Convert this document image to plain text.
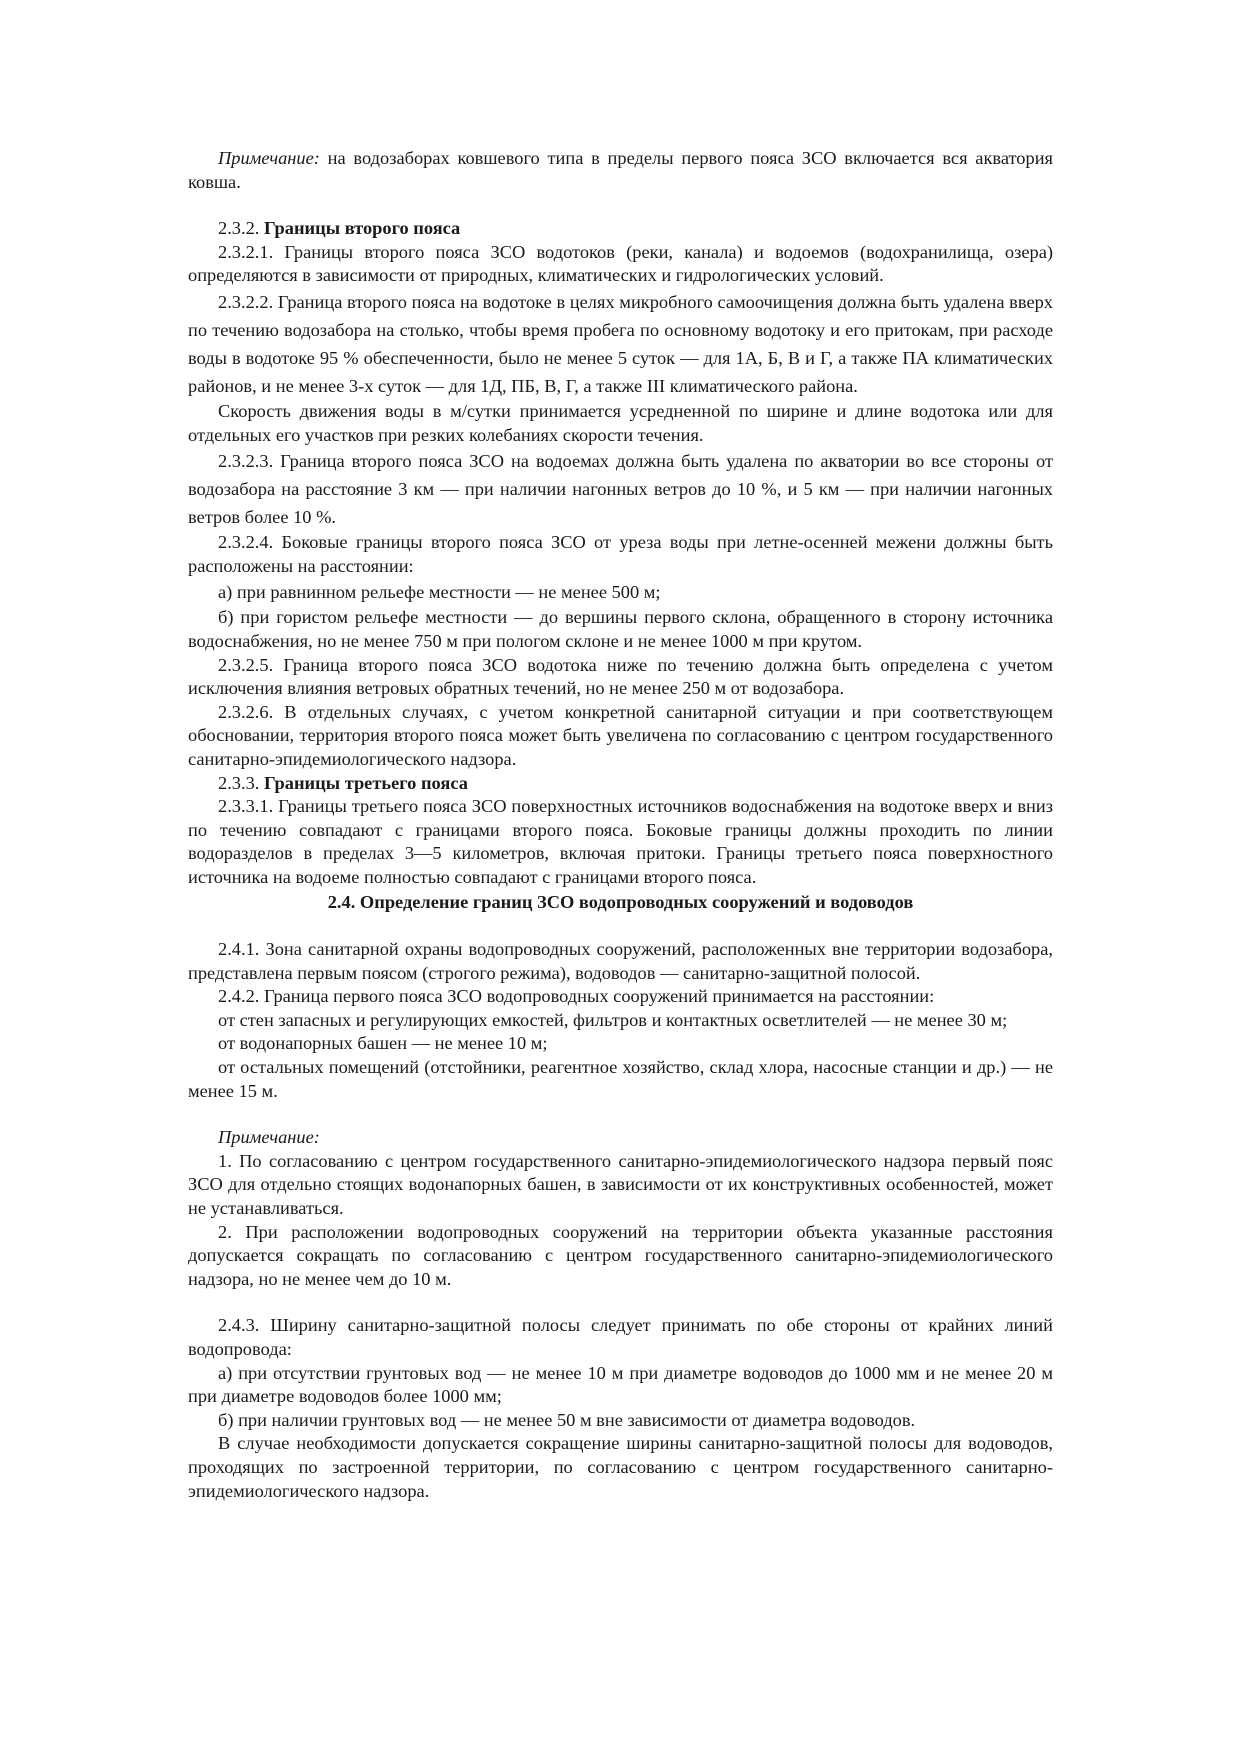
Примечание: на водозаборах ковшевого типа в пределы первого пояса ЗСО включается вся акватория ковша.

2.3.2. Границы второго пояса

2.3.2.1. Границы второго пояса ЗСО водотоков (реки, канала) и водоемов (водохранилища, озера) определяются в зависимости от природных, климатических и гидрологических условий.

2.3.2.2. Граница второго пояса на водотоке в целях микробного самоочищения должна быть удалена вверх по течению водозабора на столько, чтобы время пробега по основному водотоку и его притокам, при расходе воды в водотоке 95 % обеспеченности, было не менее 5 суток — для 1А, Б, В и Г, а также ПА климатических районов, и не менее 3-х суток — для 1Д, ПБ, В, Г, а также III климатического района.

Скорость движения воды в м/сутки принимается усредненной по ширине и длине водотока или для отдельных его участков при резких колебаниях скорости течения.

2.3.2.3. Граница второго пояса ЗСО на водоемах должна быть удалена по акватории во все стороны от водозабора на расстояние 3 км — при наличии нагонных ветров до 10 %, и 5 км — при наличии нагонных ветров более 10 %.

2.3.2.4. Боковые границы второго пояса ЗСО от уреза воды при летне-осенней межени должны быть расположены на расстоянии:

а) при равнинном рельефе местности — не менее 500 м;

б) при гористом рельефе местности — до вершины первого склона, обращенного в сторону источника водоснабжения, но не менее 750 м при пологом склоне и не менее 1000 м при крутом.

2.3.2.5. Граница второго пояса ЗСО водотока ниже по течению должна быть определена с учетом исключения влияния ветровых обратных течений, но не менее 250 м от водозабора.

2.3.2.6. В отдельных случаях, с учетом конкретной санитарной ситуации и при соответствующем обосновании, территория второго пояса может быть увеличена по согласованию с центром государственного санитарно-эпидемиологического надзора.

2.3.3. Границы третьего пояса

2.3.3.1. Границы третьего пояса ЗСО поверхностных источников водоснабжения на водотоке вверх и вниз по течению совпадают с границами второго пояса. Боковые границы должны проходить по линии водоразделов в пределах 3—5 километров, включая притоки. Границы третьего пояса поверхностного источника на водоеме полностью совпадают с границами второго пояса.

2.4. Определение границ ЗСО водопроводных сооружений и водоводов

2.4.1. Зона санитарной охраны водопроводных сооружений, расположенных вне территории водозабора, представлена первым поясом (строгого режима), водоводов — санитарно-защитной полосой.

2.4.2. Граница первого пояса ЗСО водопроводных сооружений принимается на расстоянии:

от стен запасных и регулирующих емкостей, фильтров и контактных осветлителей — не менее 30 м;

от водонапорных башен — не менее 10 м;

от остальных помещений (отстойники, реагентное хозяйство, склад хлора, насосные станции и др.) — не менее 15 м.

Примечание:

1. По согласованию с центром государственного санитарно-эпидемиологического надзора первый пояс ЗСО для отдельно стоящих водонапорных башен, в зависимости от их конструктивных особенностей, может не устанавливаться.

2. При расположении водопроводных сооружений на территории объекта указанные расстояния допускается сокращать по согласованию с центром государственного санитарно-эпидемиологического надзора, но не менее чем до 10 м.

2.4.3. Ширину санитарно-защитной полосы следует принимать по обе стороны от крайних линий водопровода:

а) при отсутствии грунтовых вод — не менее 10 м при диаметре водоводов до 1000 мм и не менее 20 м при диаметре водоводов более 1000 мм;

б) при наличии грунтовых вод — не менее 50 м вне зависимости от диаметра водоводов.

В случае необходимости допускается сокращение ширины санитарно-защитной полосы для водоводов, проходящих по застроенной территории, по согласованию с центром государственного санитарно-эпидемиологического надзора.
